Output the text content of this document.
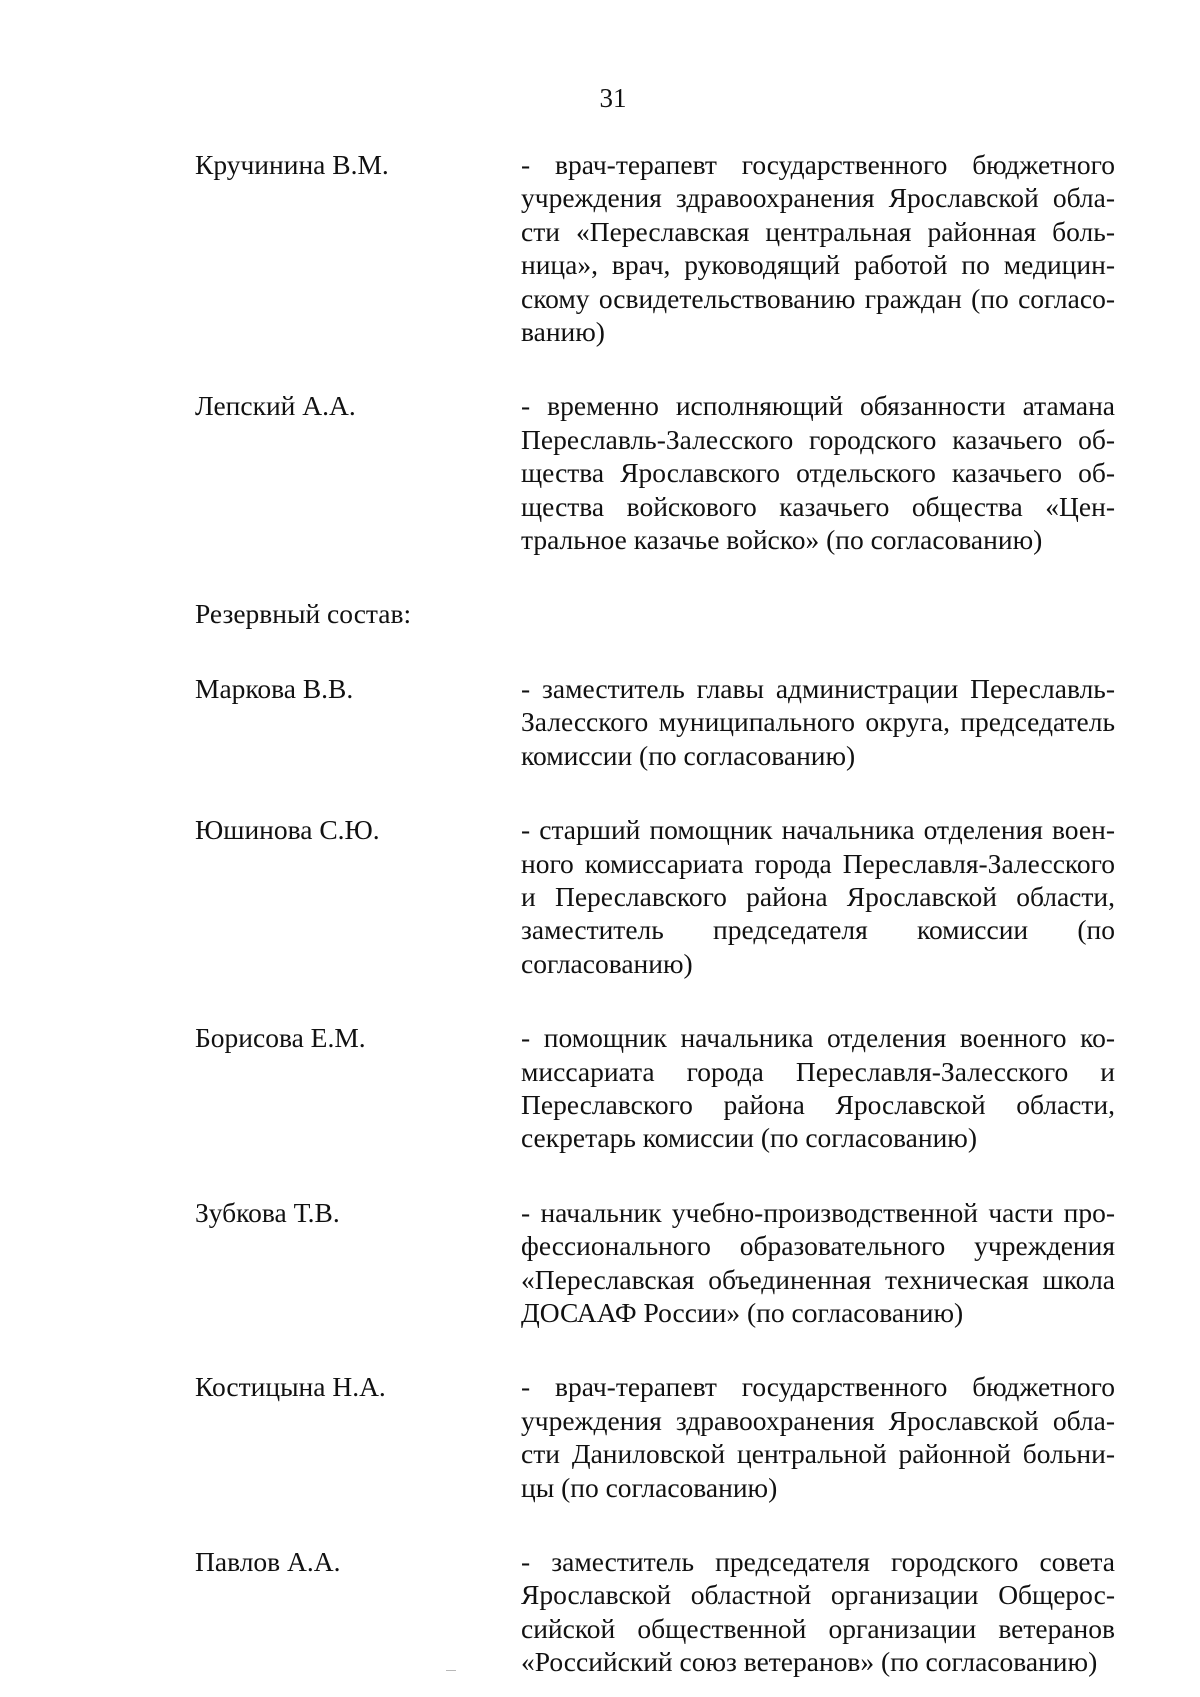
31
Кручинина В.М.	- врач-терапевт государственного бюджетного учреждения здравоохранения Ярославской области «Переславская центральная районная больница», врач, руководящий работой по медицинскому освидетельствованию граждан (по согласованию)
Лепский А.А.	- временно исполняющий обязанности атамана Переславль-Залесского городского казачьего общества Ярославского отдельского казачьего общества войскового казачьего общества «Центральное казачье войско» (по согласованию)
Резервный состав:
Маркова В.В.	- заместитель главы администрации Переславль-Залесского муниципального округа, председатель комиссии (по согласованию)
Юшинова С.Ю.	- старший помощник начальника отделения военного комиссариата города Переславля-Залесского и Переславского района Ярославской области, заместитель председателя комиссии (по согласованию)
Борисова Е.М.	- помощник начальника отделения военного комиссариата города Переславля-Залесского и Переславского района Ярославской области, секретарь комиссии (по согласованию)
Зубкова Т.В.	- начальник учебно-производственной части профессионального образовательного учреждения «Переславская объединенная техническая школа ДОСААФ России» (по согласованию)
Костицына Н.А.	- врач-терапевт государственного бюджетного учреждения здравоохранения Ярославской области Даниловской центральной районной больницы (по согласованию)
Павлов А.А.	- заместитель председателя городского совета Ярославской областной организации Общероссийской общественной организации ветеранов «Российский союз ветеранов» (по согласованию)
